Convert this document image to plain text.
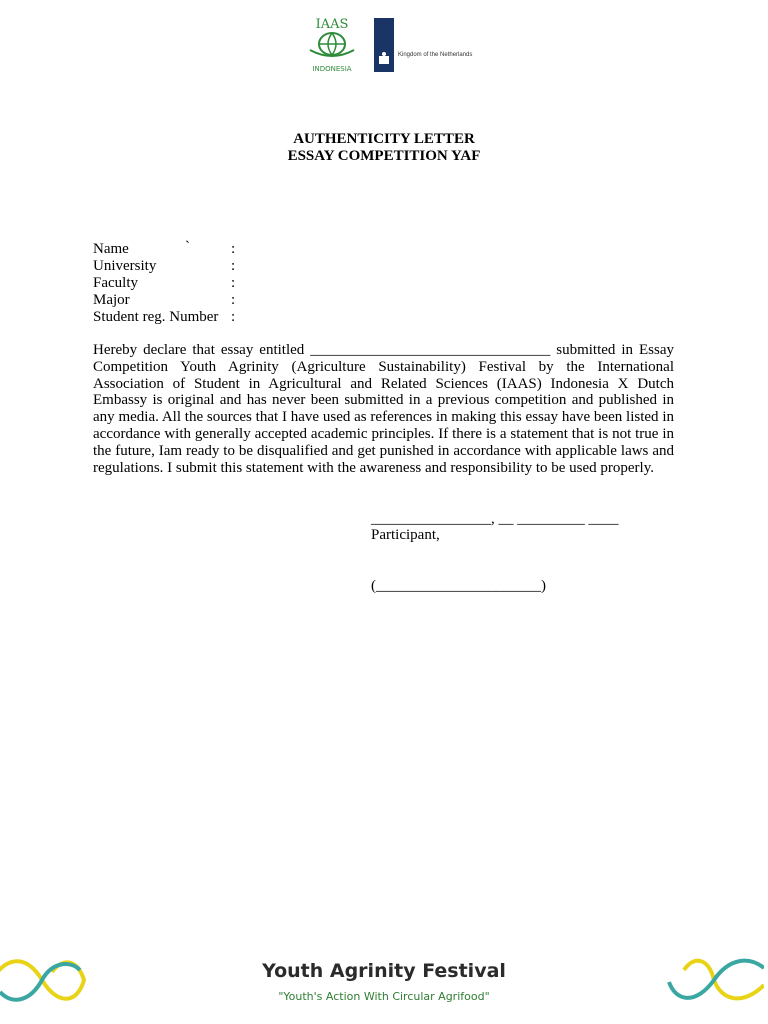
IAAS
INDONESIA
Kingdom of the Netherlands
AUTHENTICITY LETTER
ESSAY COMPETITION YAF
Name	`	:
University	:
Faculty	:
Major	:
Student reg. Number :
Hereby declare that essay entitled ________________________________ submitted in Essay Competition Youth Agrinity (Agriculture Sustainability) Festival by the International Association of Student in Agricultural and Related Sciences (IAAS) Indonesia X Dutch Embassy is original and has never been submitted in a previous competition and published in any media. All the sources that I have used as references in making this essay have been listed in accordance with generally accepted academic principles. If there is a statement that is not true in the future, Iam ready to be disqualified and get punished in accordance with applicable laws and regulations. I submit this statement with the awareness and responsibility to be used properly.
________________, __ _________ ____
Participant,
(______________________)
Youth Agrinity Festival
"Youth's Action With Circular Agrifood"
